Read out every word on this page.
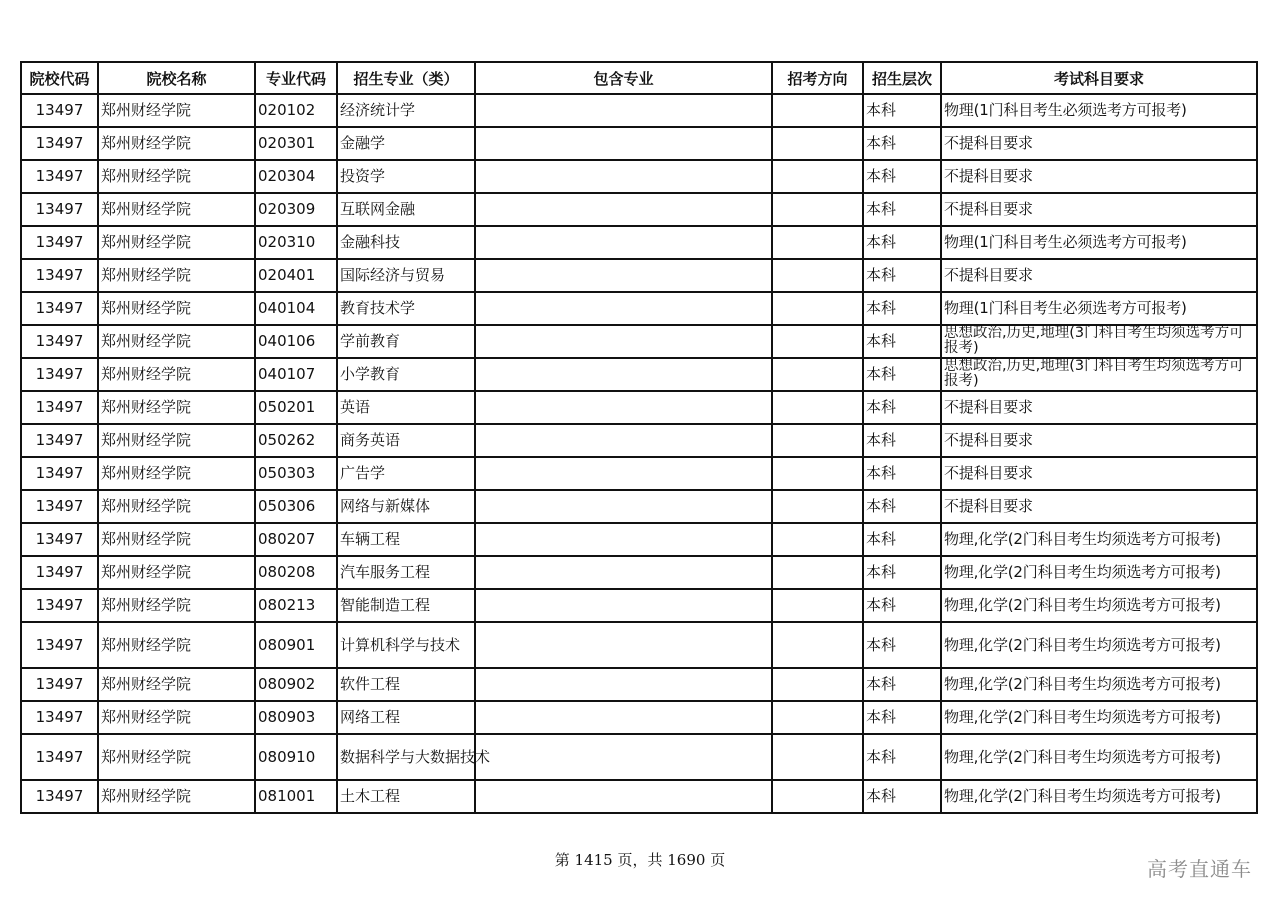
院校代码	院校名称	专业代码	招生专业（类）	包含专业	招考方向	招生层次	考试科目要求
13497	郑州财经学院	020102	经济统计学			本科	物理(1门科目考生必须选考方可报考)
13497	郑州财经学院	020301	金融学			本科	不提科目要求
13497	郑州财经学院	020304	投资学			本科	不提科目要求
13497	郑州财经学院	020309	互联网金融			本科	不提科目要求
13497	郑州财经学院	020310	金融科技			本科	物理(1门科目考生必须选考方可报考)
13497	郑州财经学院	020401	国际经济与贸易			本科	不提科目要求
13497	郑州财经学院	040104	教育技术学			本科	物理(1门科目考生必须选考方可报考)
13497	郑州财经学院	040106	学前教育			本科	思想政治,历史,地理(3门科目考生均须选考方可报考)
13497	郑州财经学院	040107	小学教育			本科	思想政治,历史,地理(3门科目考生均须选考方可报考)
13497	郑州财经学院	050201	英语			本科	不提科目要求
13497	郑州财经学院	050262	商务英语			本科	不提科目要求
13497	郑州财经学院	050303	广告学			本科	不提科目要求
13497	郑州财经学院	050306	网络与新媒体			本科	不提科目要求
13497	郑州财经学院	080207	车辆工程			本科	物理,化学(2门科目考生均须选考方可报考)
13497	郑州财经学院	080208	汽车服务工程			本科	物理,化学(2门科目考生均须选考方可报考)
13497	郑州财经学院	080213	智能制造工程			本科	物理,化学(2门科目考生均须选考方可报考)
13497	郑州财经学院	080901	计算机科学与技术			本科	物理,化学(2门科目考生均须选考方可报考)
13497	郑州财经学院	080902	软件工程			本科	物理,化学(2门科目考生均须选考方可报考)
13497	郑州财经学院	080903	网络工程			本科	物理,化学(2门科目考生均须选考方可报考)
13497	郑州财经学院	080910	数据科学与大数据技术			本科	物理,化学(2门科目考生均须选考方可报考)
13497	郑州财经学院	081001	土木工程			本科	物理,化学(2门科目考生均须选考方可报考)
第 1415 页，共 1690 页	高考直通车
